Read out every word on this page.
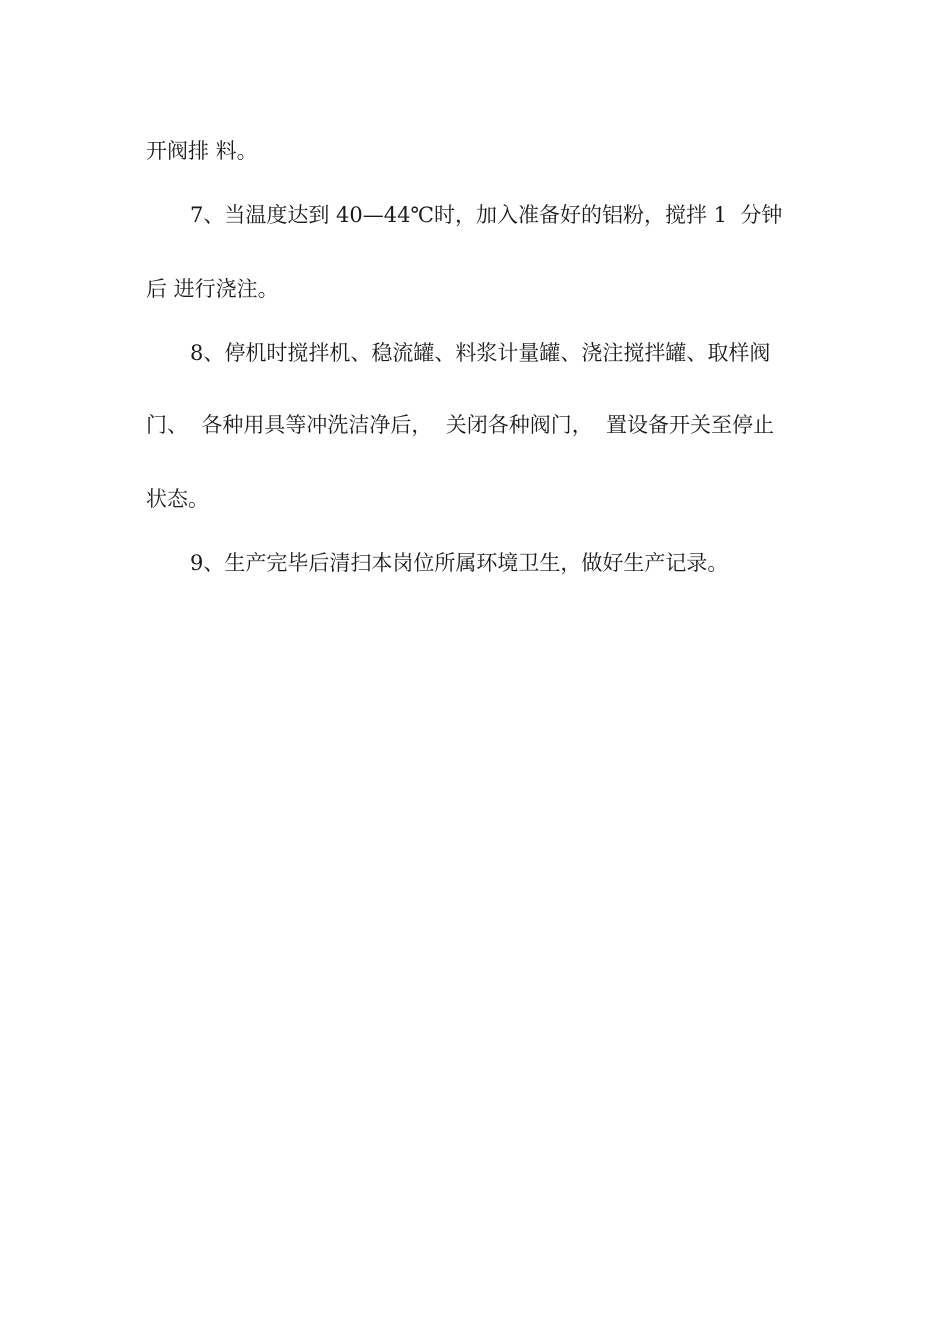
开阀排 料。
7、当温度达到 40—44℃时，加入准备好的铝粉，搅拌 1  分钟
后 进行浇注。
8、停机时搅拌机、稳流罐、料浆计量罐、浇注搅拌罐、取样阀
门、  各种用具等冲洗洁净后，  关闭各种阀门，  置设备开关至停止
状态。
9、生产完毕后清扫本岗位所属环境卫生，做好生产记录。
